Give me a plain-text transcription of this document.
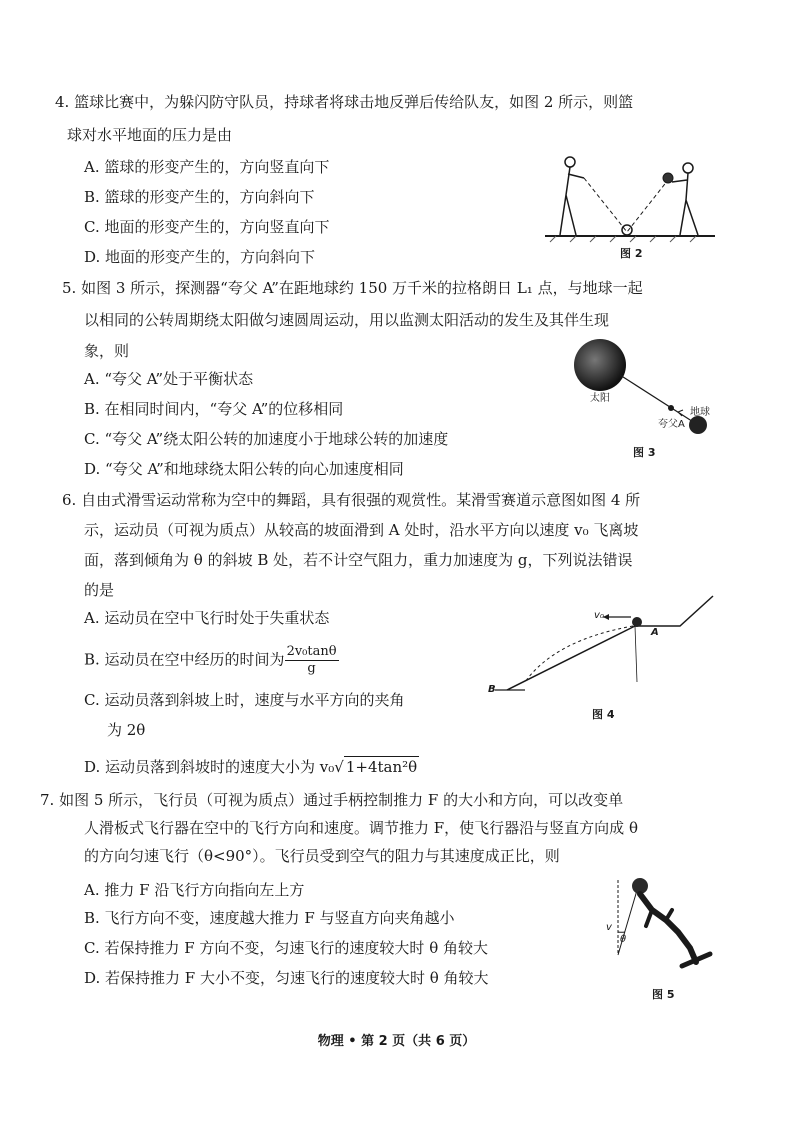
4. 篮球比赛中，为躲闪防守队员，持球者将球击地反弹后传给队友，如图 2 所示，则篮
球对水平地面的压力是由
A. 篮球的形变产生的，方向竖直向下
B. 篮球的形变产生的，方向斜向下
C. 地面的形变产生的，方向竖直向下
D. 地面的形变产生的，方向斜向下	图 2
5. 如图 3 所示，探测器“夸父 A”在距地球约 150 万千米的拉格朗日 L₁ 点，与地球一起
以相同的公转周期绕太阳做匀速圆周运动，用以监测太阳活动的发生及其伴生现
象，则
A. “夸父 A”处于平衡状态
B. 在相同时间内，“夸父 A”的位移相同
C. “夸父 A”绕太阳公转的加速度小于地球公转的加速度
D. “夸父 A”和地球绕太阳公转的向心加速度相同
太阳
夸父A
地球
图 3
6. 自由式滑雪运动常称为空中的舞蹈，具有很强的观赏性。某滑雪赛道示意图如图 4 所
示，运动员（可视为质点）从较高的坡面滑到 A 处时，沿水平方向以速度 v₀ 飞离坡
面，落到倾角为 θ 的斜坡 B 处，若不计空气阻力，重力加速度为 g，下列说法错误
的是
A. 运动员在空中飞行时处于失重状态
B. 运动员在空中经历的时间为 $\frac{\text{2v₀tanθ}}{g}$
C. 运动员落到斜坡上时，速度与水平方向的夹角
为 2θ
D. 运动员落到斜坡时的速度大小为 v₀√ 1+4tan²θ
v₀
A
B
图 4
7. 如图 5 所示，飞行员（可视为质点）通过手柄控制推力 F 的大小和方向，可以改变单
人滑板式飞行器在空中的飞行方向和速度。调节推力 F，使飞行器沿与竖直方向成 θ
的方向匀速飞行（θ<90°）。飞行员受到空气的阻力与其速度成正比，则
A. 推力 F 沿飞行方向指向左上方
B. 飞行方向不变，速度越大推力 F 与竖直方向夹角越小
C. 若保持推力 F 方向不变，匀速飞行的速度较大时 θ 角较大
D. 若保持推力 F 大小不变，匀速飞行的速度较大时 θ 角较大
v
θ
图 5
物理 • 第 2 页（共 6 页）
